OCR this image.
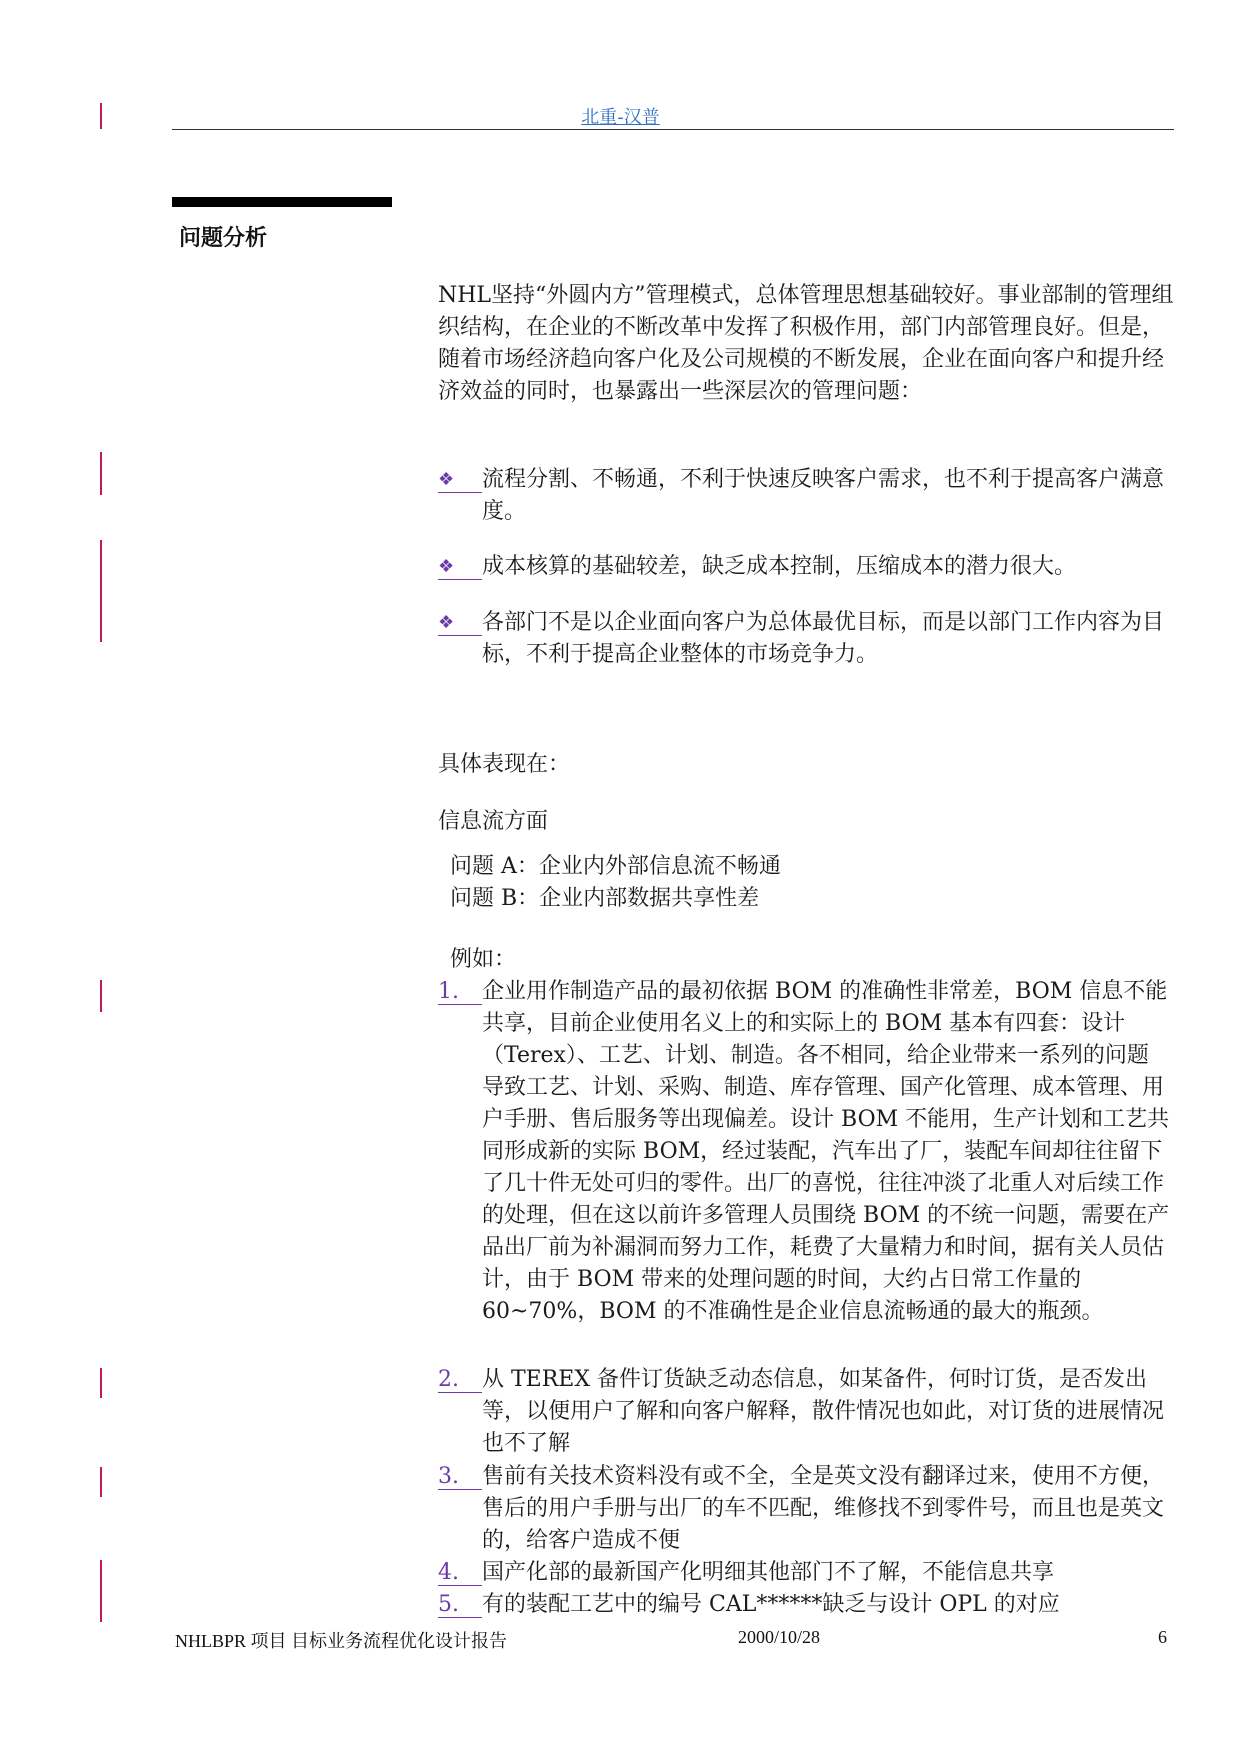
北重-汉普
问题分析

NHL坚持“外圆内方”管理模式，总体管理思想基础较好。事业部制的管理组织结构，在企业的不断改革中发挥了积极作用，部门内部管理良好。但是，随着市场经济趋向客户化及公司规模的不断发展，企业在面向客户和提升经济效益的同时，也暴露出一些深层次的管理问题：

❖	流程分割、不畅通，不利于快速反映客户需求，也不利于提高客户满意度。
❖	成本核算的基础较差，缺乏成本控制，压缩成本的潜力很大。
❖	各部门不是以企业面向客户为总体最优目标，而是以部门工作内容为目标，不利于提高企业整体的市场竞争力。
具体表现在：
信息流方面
问题 A：企业内外部信息流不畅通
问题 B：企业内部数据共享性差
例如：
1.	企业用作制造产品的最初依据 BOM 的准确性非常差，BOM 信息不能共享，目前企业使用名义上的和实际上的 BOM 基本有四套：设计（Terex）、工艺、计划、制造。各不相同，给企业带来一系列的问题 导致工艺、计划、采购、制造、库存管理、国产化管理、成本管理、用户手册、售后服务等出现偏差。设计 BOM 不能用，生产计划和工艺共同形成新的实际 BOM，经过装配，汽车出了厂，装配车间却往往留下了几十件无处可归的零件。出厂的喜悦，往往冲淡了北重人对后续工作的处理，但在这以前许多管理人员围绕 BOM 的不统一问题，需要在产品出厂前为补漏洞而努力工作，耗费了大量精力和时间，据有关人员估计，由于 BOM 带来的处理问题的时间，大约占日常工作量的 60~70%，BOM 的不准确性是企业信息流畅通的最大的瓶颈。
2.	从 TEREX 备件订货缺乏动态信息，如某备件，何时订货，是否发出等，以便用户了解和向客户解释，散件情况也如此，对订货的进展情况也不了解
3.	售前有关技术资料没有或不全，全是英文没有翻译过来，使用不方便，售后的用户手册与出厂的车不匹配，维修找不到零件号，而且也是英文的，给客户造成不便
4.	国产化部的最新国产化明细其他部门不了解，不能信息共享
5.	有的装配工艺中的编号 CAL******缺乏与设计 OPL 的对应
NHLBPR 项目 目标业务流程优化设计报告	2000/10/28	6
